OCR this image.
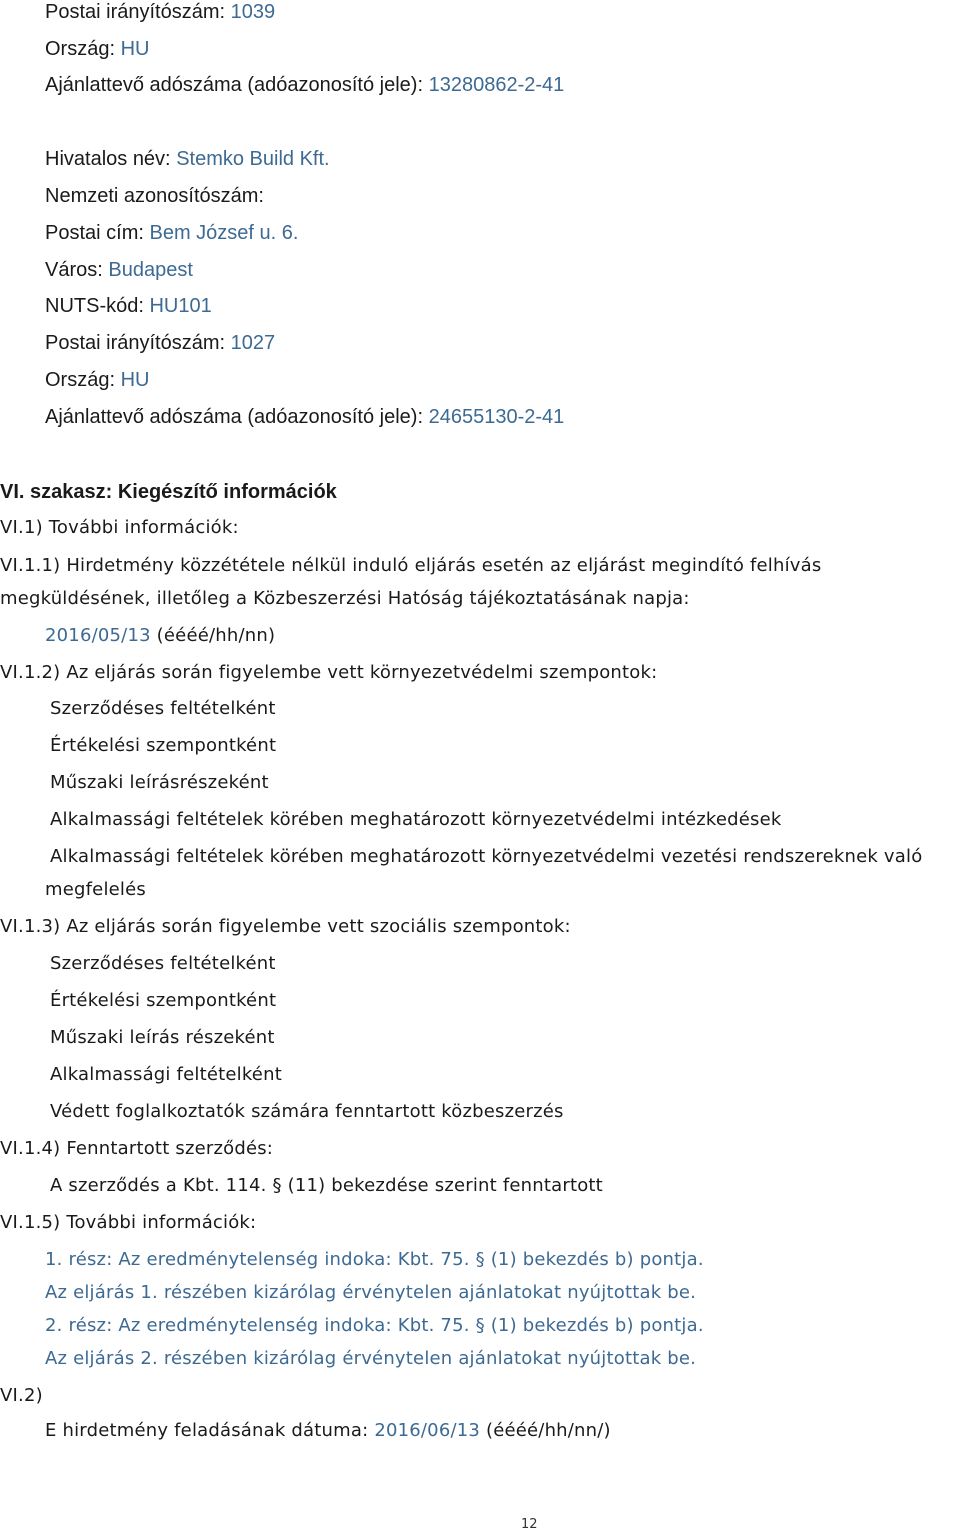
Postai irányítószám: 1039
Ország: HU
Ajánlattevő adószáma (adóazonosító jele): 13280862-2-41
Hivatalos név: Stemko Build Kft.
Nemzeti azonosítószám:
Postai cím: Bem József u. 6.
Város: Budapest
NUTS-kód: HU101
Postai irányítószám: 1027
Ország: HU
Ajánlattevő adószáma (adóazonosító jele): 24655130-2-41
VI. szakasz: Kiegészítő információk
VI.1) További információk:
VI.1.1) Hirdetmény közzététele nélkül induló eljárás esetén az eljárást megindító felhívás
megküldésének, illetőleg a Közbeszerzési Hatóság tájékoztatásának napja:
2016/05/13 (éééé/hh/nn)
VI.1.2) Az eljárás során figyelembe vett környezetvédelmi szempontok:
Szerződéses feltételként
Értékelési szempontként
Műszaki leírásrészeként
Alkalmassági feltételek körében meghatározott környezetvédelmi intézkedések
Alkalmassági feltételek körében meghatározott környezetvédelmi vezetési rendszereknek való
megfelelés
VI.1.3) Az eljárás során figyelembe vett szociális szempontok:
Szerződéses feltételként
Értékelési szempontként
Műszaki leírás részeként
Alkalmassági feltételként
Védett foglalkoztatók számára fenntartott közbeszerzés
VI.1.4) Fenntartott szerződés:
A szerződés a Kbt. 114. § (11) bekezdése szerint fenntartott
VI.1.5) További információk:
1. rész: Az eredménytelenség indoka: Kbt. 75. § (1) bekezdés b) pontja.
Az eljárás 1. részében kizárólag érvénytelen ajánlatokat nyújtottak be.
2. rész: Az eredménytelenség indoka: Kbt. 75. § (1) bekezdés b) pontja.
Az eljárás 2. részében kizárólag érvénytelen ajánlatokat nyújtottak be.
VI.2)
E hirdetmény feladásának dátuma: 2016/06/13 (éééé/hh/nn/)
12
